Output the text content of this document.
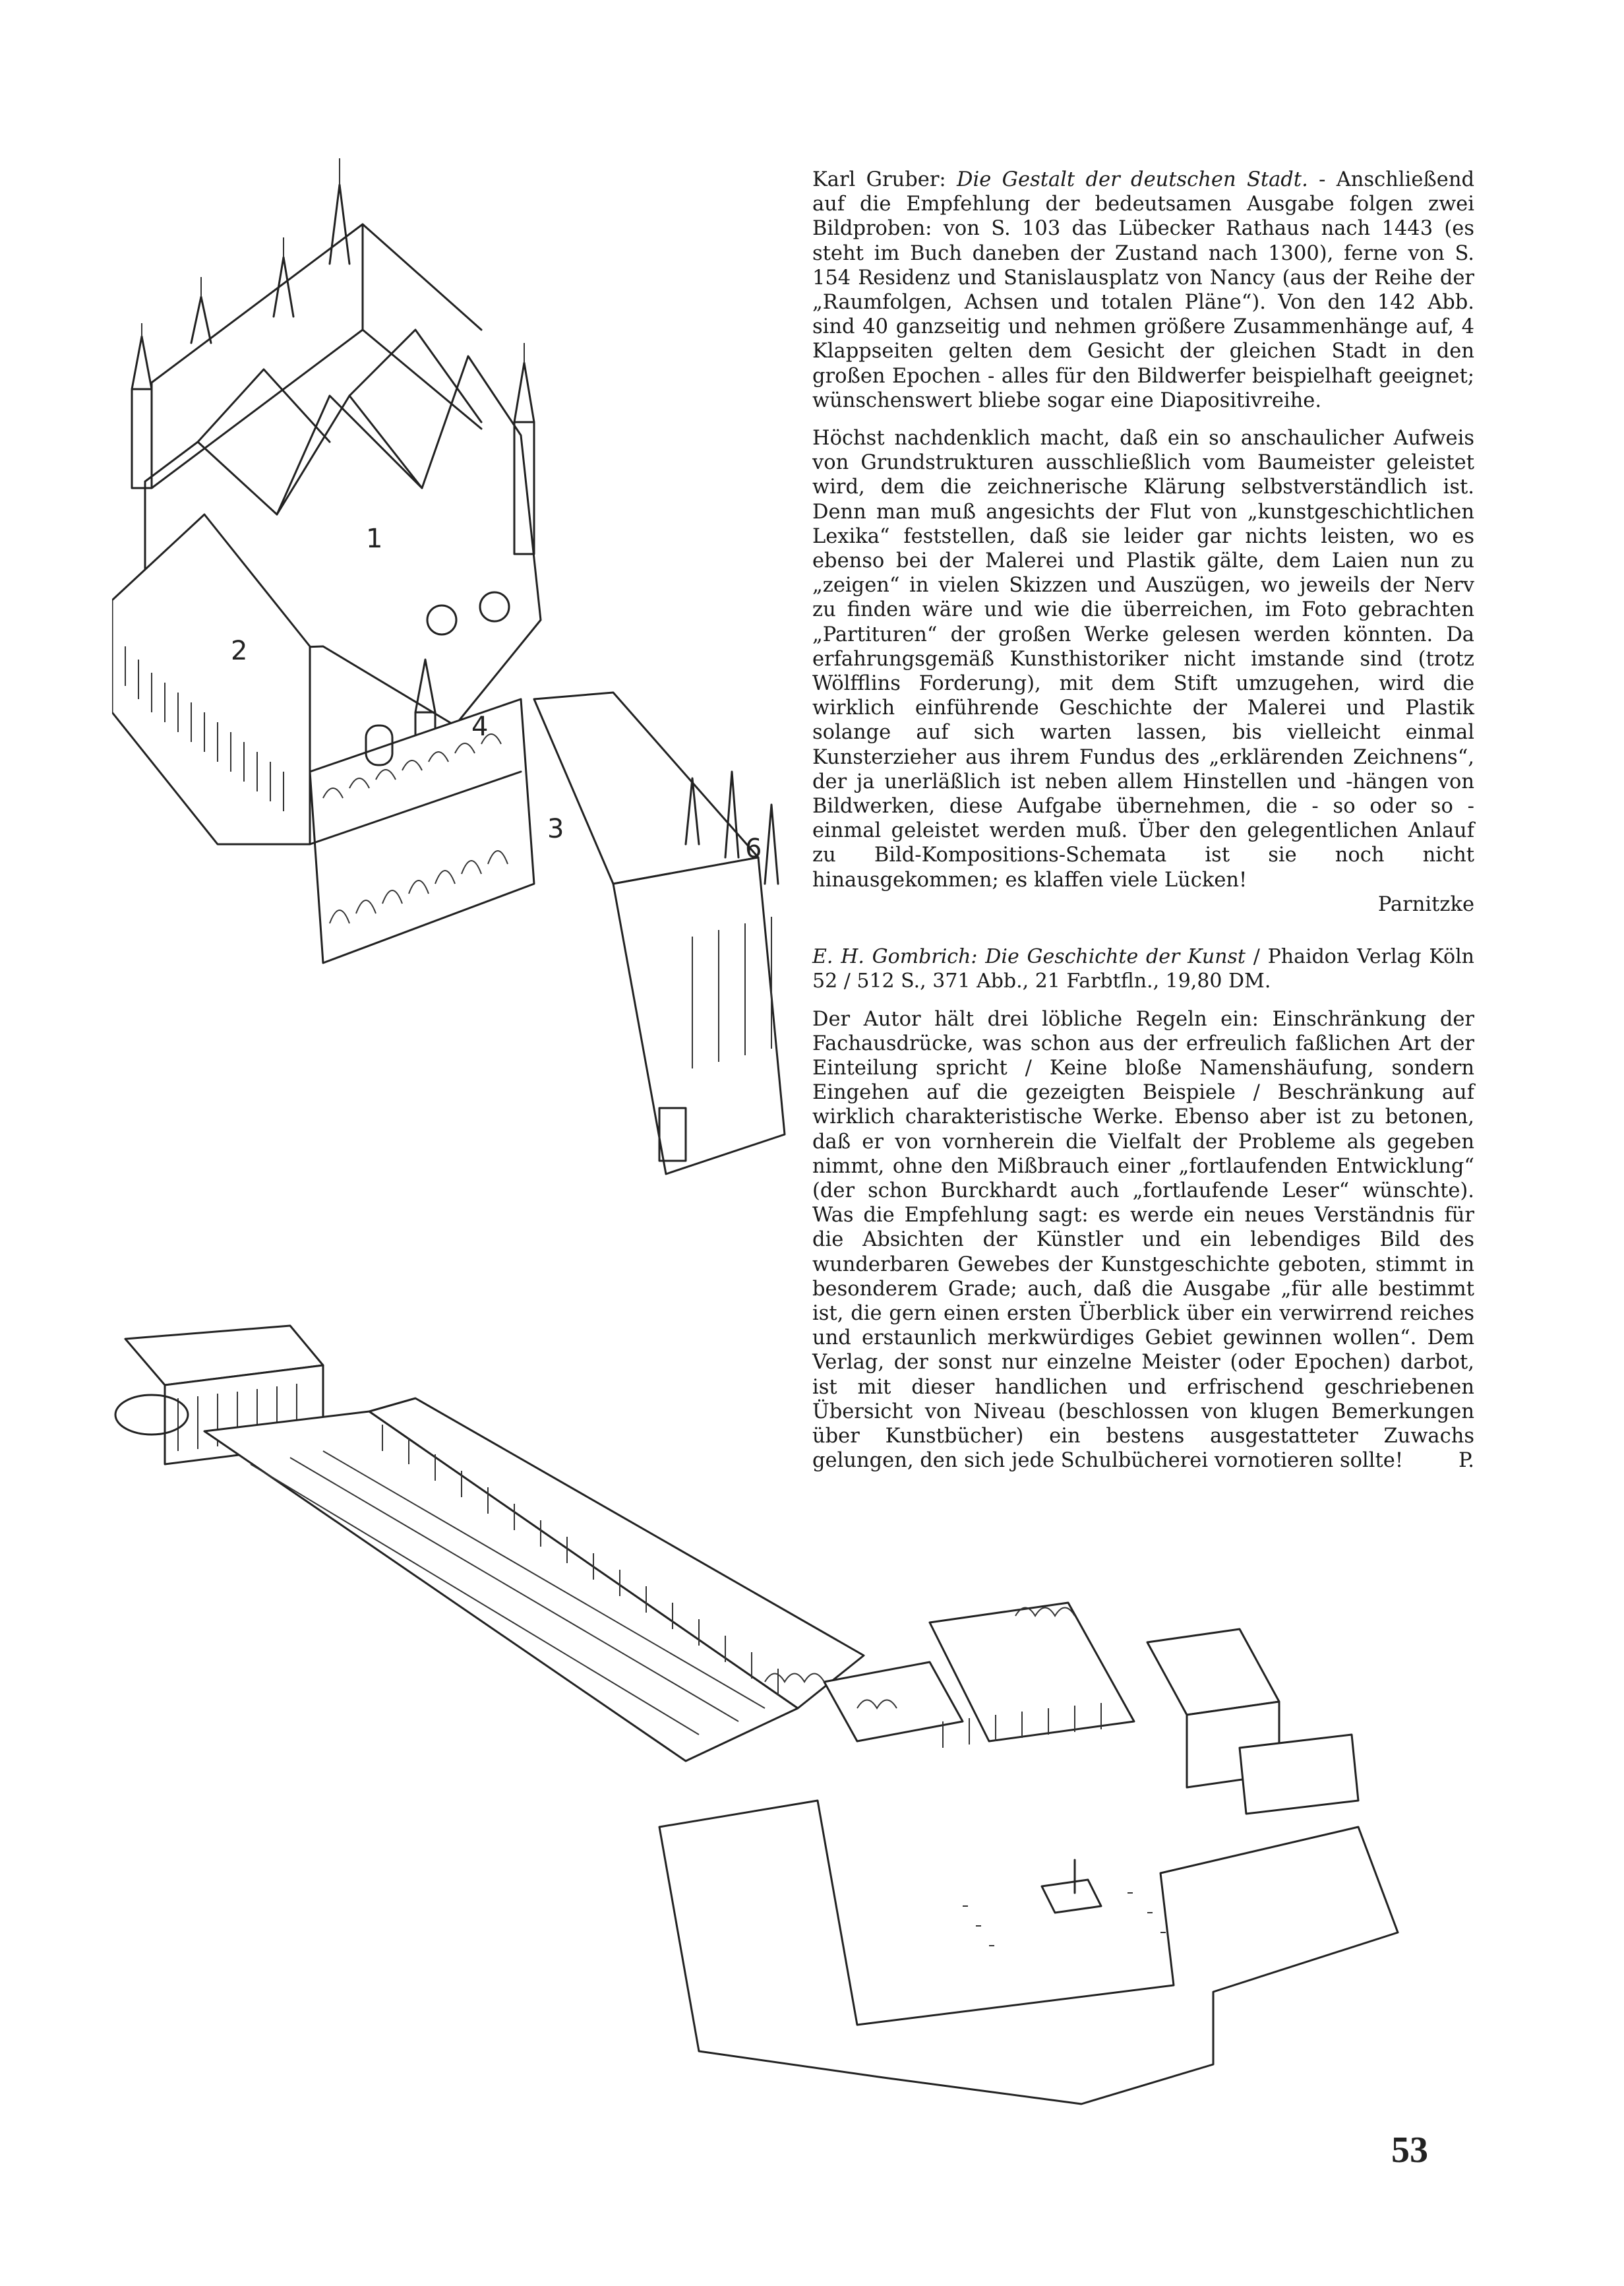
1
2
3
4
6

Karl Gruber: Die Gestalt der deutschen Stadt. - Anschließend auf die Empfehlung der bedeutsamen Ausgabe folgen zwei Bildproben: von S. 103 das Lübecker Rathaus nach 1443 (es steht im Buch daneben der Zustand nach 1300), ferne von S. 154 Residenz und Stanislausplatz von Nancy (aus der Reihe der „Raumfolgen, Achsen und totalen Pläne“). Von den 142 Abb. sind 40 ganzseitig und nehmen größere Zusammenhänge auf, 4 Klappseiten gelten dem Gesicht der gleichen Stadt in den großen Epochen - alles für den Bildwerfer beispielhaft geeignet; wünschenswert bliebe sogar eine Diapositivreihe.

Höchst nachdenklich macht, daß ein so anschaulicher Aufweis von Grundstrukturen ausschließlich vom Baumeister geleistet wird, dem die zeichnerische Klärung selbstverständlich ist. Denn man muß angesichts der Flut von „kunstgeschichtlichen Lexika“ feststellen, daß sie leider gar nichts leisten, wo es ebenso bei der Malerei und Plastik gälte, dem Laien nun zu „zeigen“ in vielen Skizzen und Auszügen, wo jeweils der Nerv zu finden wäre und wie die überreichen, im Foto gebrachten „Partituren“ der großen Werke gelesen werden könnten. Da erfahrungsgemäß Kunsthistoriker nicht imstande sind (trotz Wölfflins Forderung), mit dem Stift umzugehen, wird die wirklich einführende Geschichte der Malerei und Plastik solange auf sich warten lassen, bis vielleicht einmal Kunsterzieher aus ihrem Fundus des „erklärenden Zeichnens“, der ja unerläßlich ist neben allem Hinstellen und -hängen von Bildwerken, diese Aufgabe übernehmen, die - so oder so - einmal geleistet werden muß. Über den gelegentlichen Anlauf zu Bild-Kompositions-Schemata ist sie noch nicht hinausgekommen; es klaffen viele Lücken!

Parnitzke

E. H. Gombrich: Die Geschichte der Kunst / Phaidon Verlag Köln 52 / 512 S., 371 Abb., 21 Farbtfln., 19,80 DM.

Der Autor hält drei löbliche Regeln ein: Einschränkung der Fachausdrücke, was schon aus der erfreulich faßlichen Art der Einteilung spricht / Keine bloße Namenshäufung, sondern Eingehen auf die gezeigten Beispiele / Beschränkung auf wirklich charakteristische Werke. Ebenso aber ist zu betonen, daß er von vornherein die Vielfalt der Probleme als gegeben nimmt, ohne den Mißbrauch einer „fortlaufenden Entwicklung“ (der schon Burckhardt auch „fortlaufende Leser“ wünschte). Was die Empfehlung sagt: es werde ein neues Verständnis für die Absichten der Künstler und ein lebendiges Bild des wunderbaren Gewebes der Kunstgeschichte geboten, stimmt in besonderem Grade; auch, daß die Ausgabe „für alle bestimmt ist, die gern einen ersten Überblick über ein verwirrend reiches und erstaunlich merkwürdiges Gebiet gewinnen wollen“. Dem Verlag, der sonst nur einzelne Meister (oder Epochen) darbot, ist mit dieser handlichen und erfrischend geschriebenen Übersicht von Niveau (beschlossen von klugen Bemerkungen über Kunstbücher) ein bestens ausgestatteter Zuwachs gelungen, den sich jede Schulbücherei vornotieren sollte!	P.
53
